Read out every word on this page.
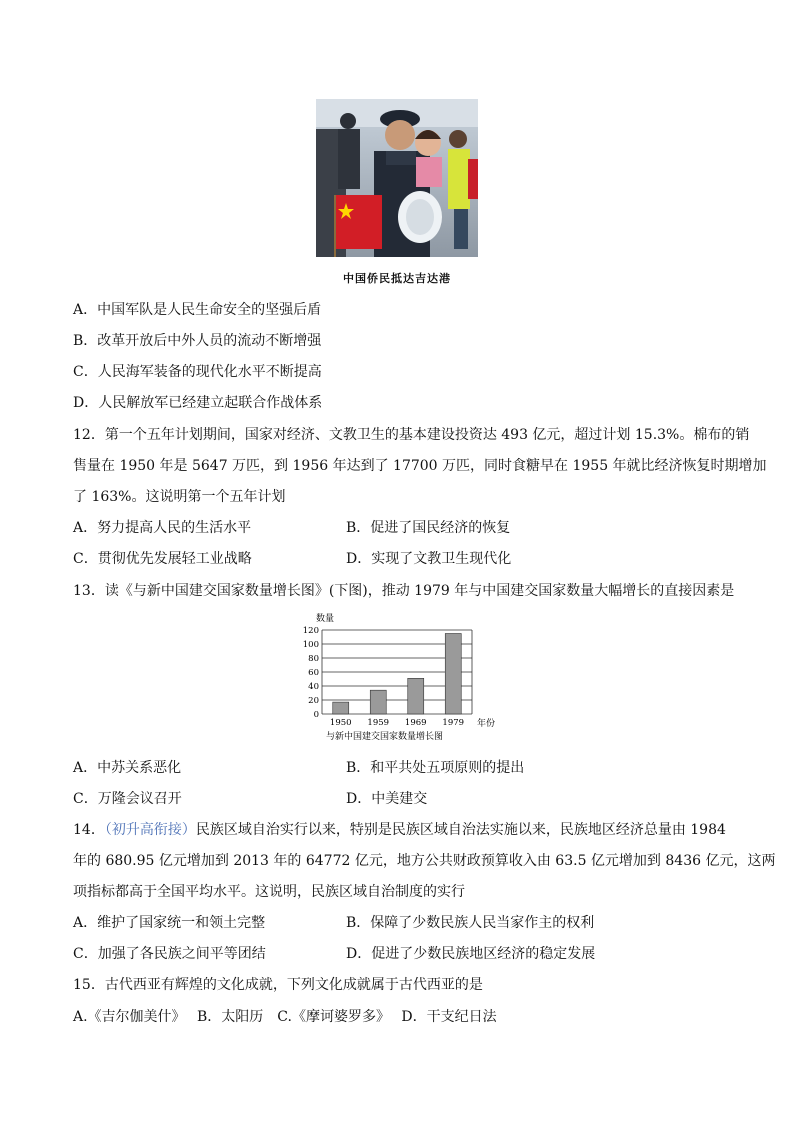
中国侨民抵达吉达港
A．中国军队是人民生命安全的坚强后盾
B．改革开放后中外人员的流动不断增强
C．人民海军装备的现代化水平不断提高
D．人民解放军已经建立起联合作战体系
12．第一个五年计划期间，国家对经济、文教卫生的基本建设投资达 493 亿元，超过计划 15.3%。棉布的销
售量在 1950 年是 5647 万匹，到 1956 年达到了 17700 万匹，同时食糖早在 1955 年就比经济恢复时期增加
了 163%。这说明第一个五年计划
A．努力提高人民的生活水平	B．促进了国民经济的恢复
C．贯彻优先发展轻工业战略	D．实现了文教卫生现代化
13．读《与新中国建交国家数量增长图》(下图)，推动 1979 年与中国建交国家数量大幅增长的直接因素是
数量
0
20
40
60
80
100
120
1950 1959 1969 1979 年份
与新中国建交国家数量增长图
A．中苏关系恶化	B．和平共处五项原则的提出
C．万隆会议召开	D．中美建交
14．（初升高衔接）民族区域自治实行以来，特别是民族区域自治法实施以来，民族地区经济总量由 1984
年的 680.95 亿元增加到 2013 年的 64772 亿元，地方公共财政预算收入由 63.5 亿元增加到 8436 亿元，这两
项指标都高于全国平均水平。这说明，民族区域自治制度的实行
A．维护了国家统一和领土完整	B．保障了少数民族人民当家作主的权利
C．加强了各民族之间平等团结	D．促进了少数民族地区经济的稳定发展
15．古代西亚有辉煌的文化成就，下列文化成就属于古代西亚的是
A.《吉尔伽美什》　 B．太阳历　C.《摩诃婆罗多》　 D．干支纪日法
